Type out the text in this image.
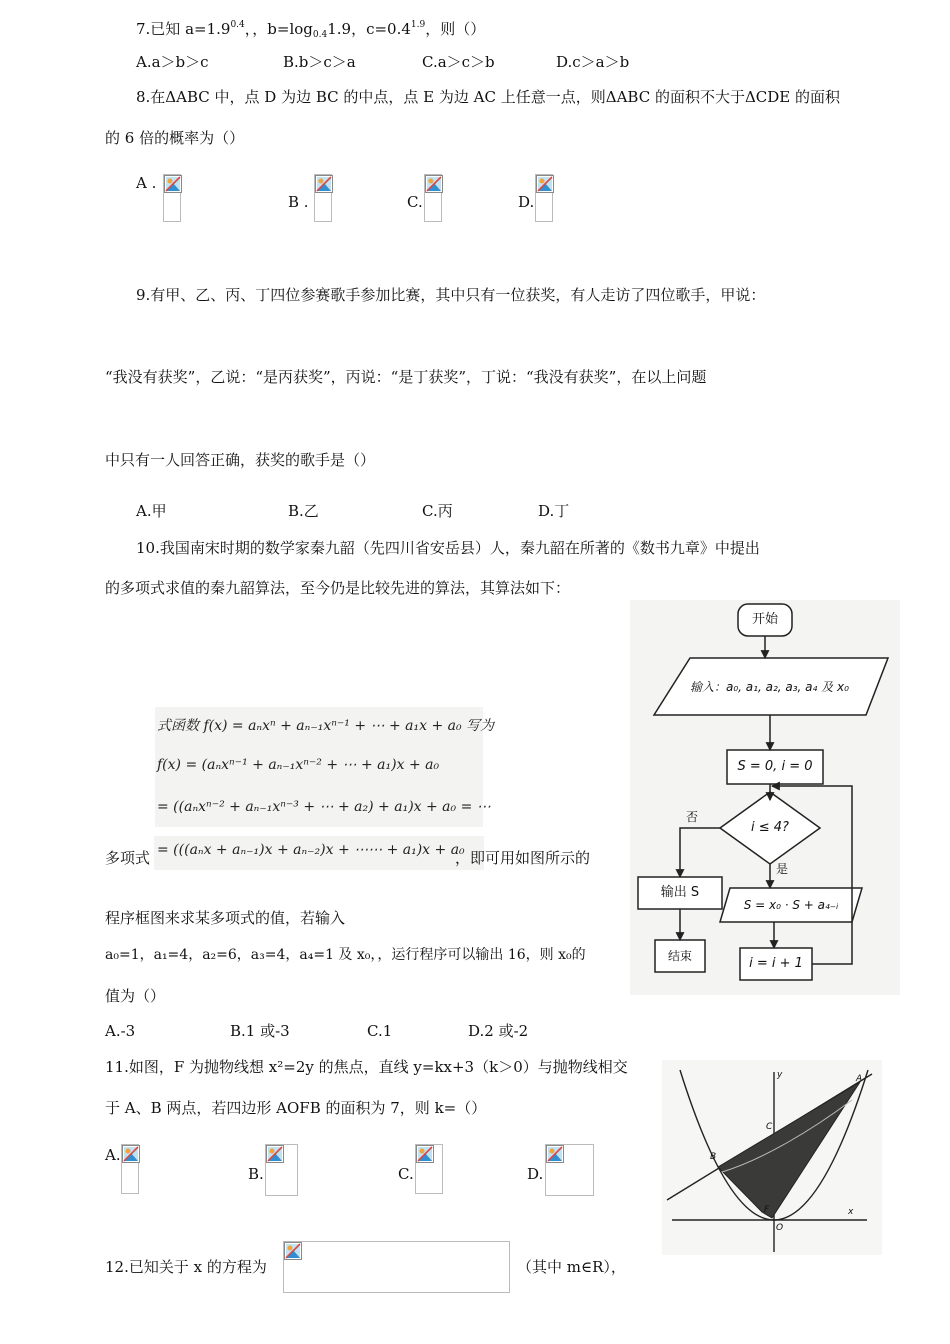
7.已知 $a=1.9^{0.4}$，，$b=\log_{0.4}1.9$，$c=0.4^{1.9}$，则（）
A.a＞b＞c	B.b＞c＞a	C.a＞c＞b	D.c＞a＞b
8.在ΔABC 中，点 D 为边 BC 的中点，点 E 为边 AC 上任意一点，则ΔABC 的面积不大于ΔCDE 的面积
的 6 倍的概率为（）
A .
B .	C.	D.
9.有甲、乙、丙、丁四位参赛歌手参加比赛，其中只有一位获奖，有人走访了四位歌手，甲说：
“我没有获奖”，乙说：“是丙获奖”，丙说：“是丁获奖”，丁说：“我没有获奖”，在以上问题
中只有一人回答正确，获奖的歌手是（）
A.甲	B.乙	C.丙	D.丁
10.我国南宋时期的数学家秦九韶（先四川省安岳县）人，秦九韶在所著的《数书九章》中提出
的多项式求值的秦九韶算法，至今仍是比较先进的算法，其算法如下：
式函数 f(x) = aₙxⁿ + aₙ₋₁xⁿ⁻¹ + ⋯ + a₁x + a₀ 写为
f(x) = (aₙxⁿ⁻¹ + aₙ₋₁xⁿ⁻² + ⋯ + a₁)x + a₀
= ((aₙxⁿ⁻² + aₙ₋₁xⁿ⁻³ + ⋯ + a₂) + a₁)x + a₀ = ⋯
多项式 = (((aₙx + aₙ₋₁)x + aₙ₋₂)x + ⋯⋯ + a₁)x + a₀
，即可用如图所示的
程序框图来求某多项式的值，若输入
a₀=1，a₁=4，a₂=6，a₃=4，a₄=1 及 x₀，，运行程序可以输出 16，则 x₀的
值为（）
A.-3	B.1 或-3	C.1	D.2 或-2
开始
输入：a₀, a₁, a₂, a₃, a₄ 及 x₀
S = 0, i = 0
i ≤ 4?
否
是
输出 S
结束
S = x₀ · S + a₄₋ᵢ
i = i + 1
11.如图，F 为抛物线想 x²=2y 的焦点，直线 y=kx+3（k＞0）与抛物线相交
于 A、B 两点，若四边形 AOFB 的面积为 7，则 k=（）
A.
B.	C.	D.
y
x
A
B
C
F
O
12.已知关于 x 的方程为	（其中 m∈R），
